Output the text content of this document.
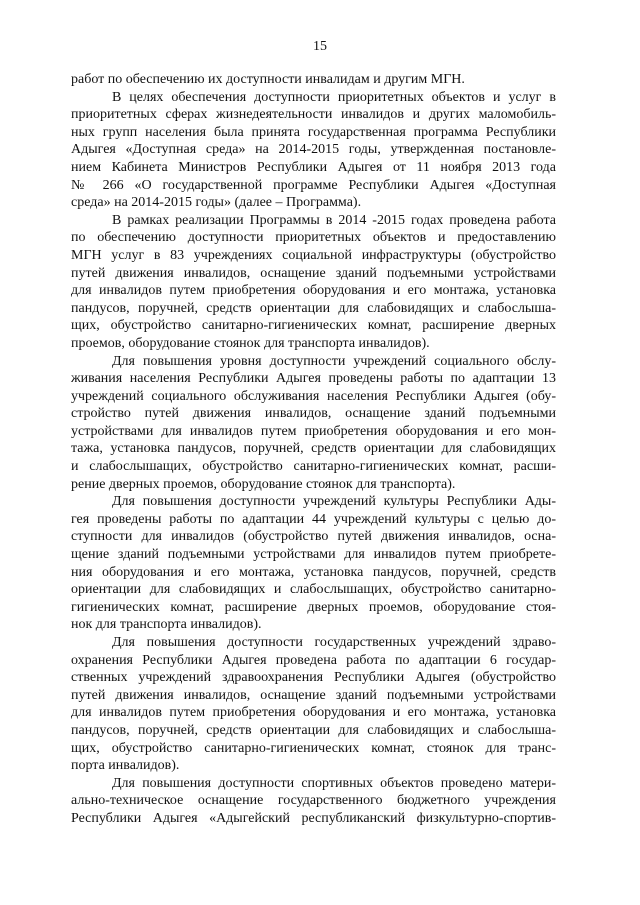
15
работ по обеспечению их доступности инвалидам и другим МГН.
В целях обеспечения доступности приоритетных объектов и услуг в
приоритетных сферах жизнедеятельности инвалидов и других маломобиль-
ных групп населения была принята государственная программа Республики
Адыгея «Доступная среда» на 2014-2015 годы, утвержденная постановле-
нием Кабинета Министров Республики Адыгея от 11 ноября 2013 года
№ 266 «О государственной программе Республики Адыгея «Доступная
среда» на 2014-2015 годы» (далее – Программа).
В рамках реализации Программы в 2014 -2015 годах проведена работа
по обеспечению доступности приоритетных объектов и предоставлению
МГН услуг в 83 учреждениях социальной инфраструктуры (обустройство
путей движения инвалидов, оснащение зданий подъемными устройствами
для инвалидов путем приобретения оборудования и его монтажа, установка
пандусов, поручней, средств ориентации для слабовидящих и слабослыша-
щих, обустройство санитарно-гигиенических комнат, расширение дверных
проемов, оборудование стоянок для транспорта инвалидов).
Для повышения уровня доступности учреждений социального обслу-
живания населения Республики Адыгея проведены работы по адаптации 13
учреждений социального обслуживания населения Республики Адыгея (обу-
стройство путей движения инвалидов, оснащение зданий подъемными
устройствами для инвалидов путем приобретения оборудования и его мон-
тажа, установка пандусов, поручней, средств ориентации для слабовидящих
и слабослышащих, обустройство санитарно-гигиенических комнат, расши-
рение дверных проемов, оборудование стоянок для транспорта).
Для повышения доступности учреждений культуры Республики Ады-
гея проведены работы по адаптации 44 учреждений культуры с целью до-
ступности для инвалидов (обустройство путей движения инвалидов, осна-
щение зданий подъемными устройствами для инвалидов путем приобрете-
ния оборудования и его монтажа, установка пандусов, поручней, средств
ориентации для слабовидящих и слабослышащих, обустройство санитарно-
гигиенических комнат, расширение дверных проемов, оборудование стоя-
нок для транспорта инвалидов).
Для повышения доступности государственных учреждений здраво-
охранения Республики Адыгея проведена работа по адаптации 6 государ-
ственных учреждений здравоохранения Республики Адыгея (обустройство
путей движения инвалидов, оснащение зданий подъемными устройствами
для инвалидов путем приобретения оборудования и его монтажа, установка
пандусов, поручней, средств ориентации для слабовидящих и слабослыша-
щих, обустройство санитарно-гигиенических комнат, стоянок для транс-
порта инвалидов).
Для повышения доступности спортивных объектов проведено матери-
ально-техническое оснащение государственного бюджетного учреждения
Республики Адыгея «Адыгейский республиканский физкультурно-спортив-
